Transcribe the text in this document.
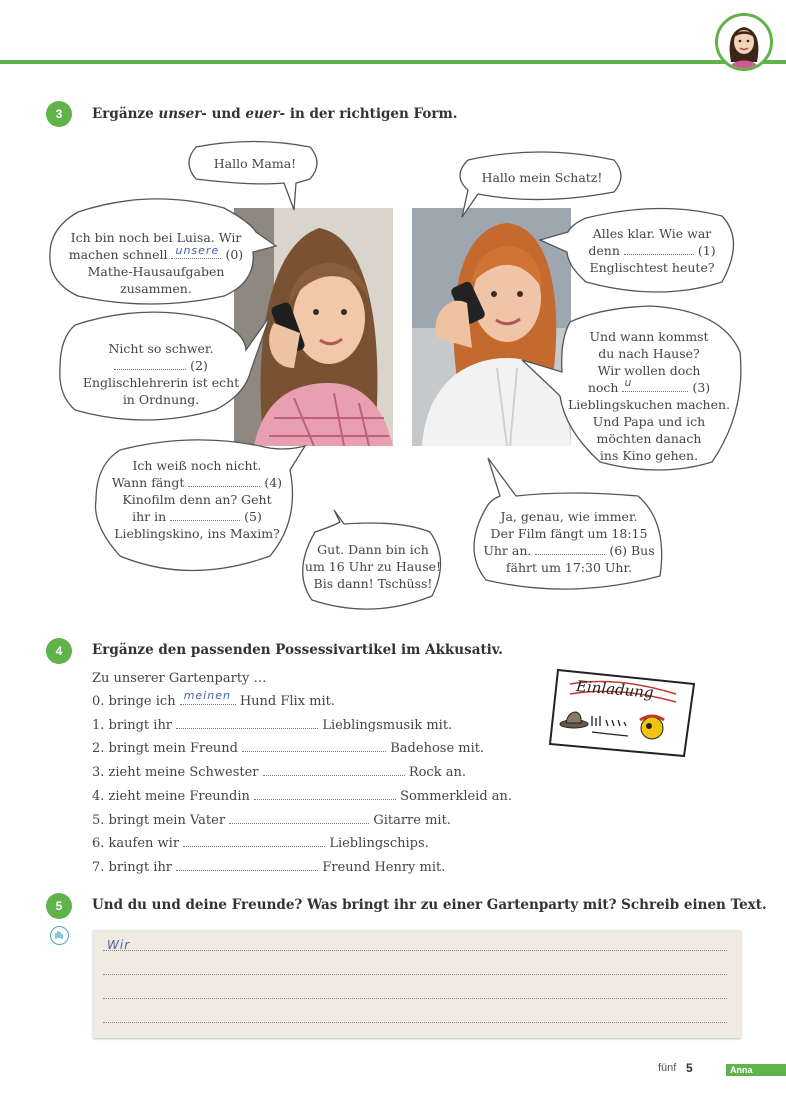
3	Ergänze unser- und euer- in der richtigen Form.
Hallo Mama!
Ich bin noch bei Luisa. Wir
machen schnell unsere (0)
Mathe-Hausaufgaben
zusammen.
Nicht so schwer.
(2)
Englischlehrerin ist echt
in Ordnung.
Ich weiß noch nicht.
Wann fängt	(4)
Kinofilm denn an? Geht
ihr in	(5)
Lieblingskino, ins Maxim?
Gut. Dann bin ich
um 16 Uhr zu Hause!
Bis dann! Tschüss!
Hallo mein Schatz!
Alles klar. Wie war
denn	(1)
Englischtest heute?
Und wann kommst
du nach Hause?
Wir wollen doch
noch u	(3)
Lieblingskuchen machen.
Und Papa und ich
möchten danach
ins Kino gehen.
Ja, genau, wie immer.
Der Film fängt um 18:15
Uhr an.	(6) Bus
fährt um 17:30 Uhr.
4	Ergänze den passenden Possessivartikel im Akkusativ.
Zu unserer Gartenparty …
0. bringe ich meinen Hund Flix mit.
1. bringt ihr	Lieblingsmusik mit.
2. bringt mein Freund	Badehose mit.
3. zieht meine Schwester	Rock an.
4. zieht meine Freundin	Sommerkleid an.
5. bringt mein Vater	Gitarre mit.
6. kaufen wir	Lieblingschips.
7. bringt ihr	Freund Henry mit.
Einladung
5	Und du und deine Freunde? Was bringt ihr zu einer Gartenparty mit? Schreib einen Text.
Wir
fünf 5	Anna
